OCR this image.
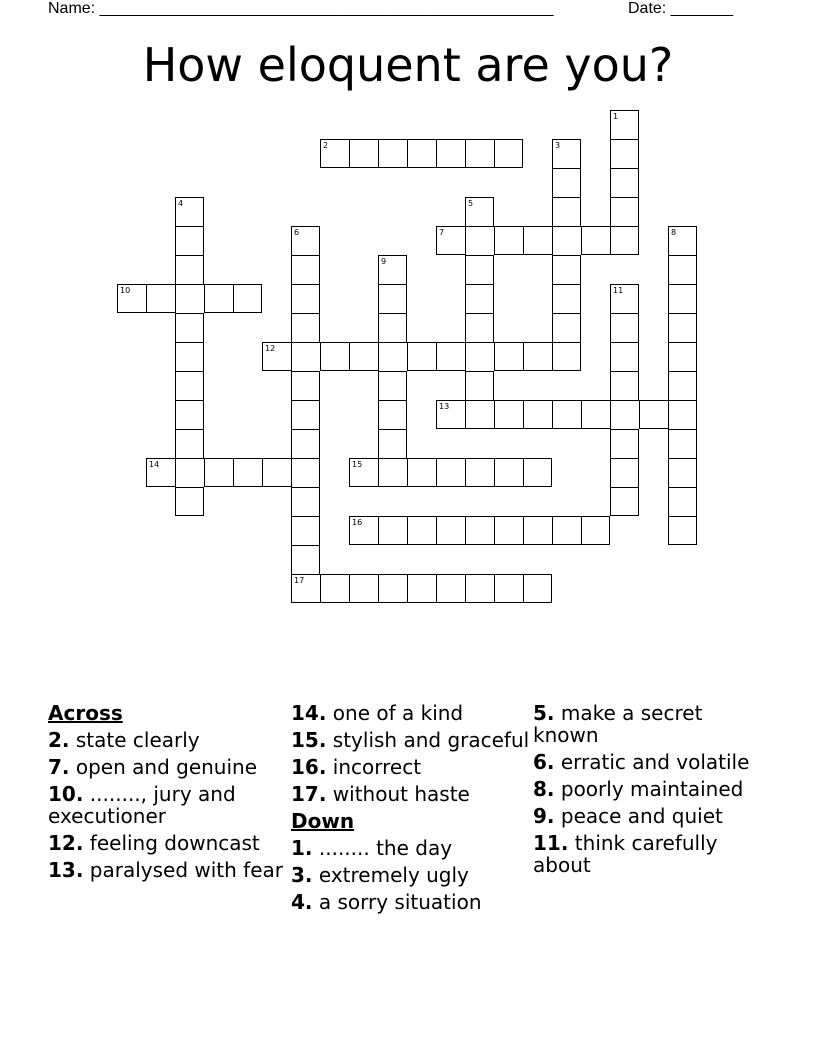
Name: ___________________________________________________	Date: _______
How eloquent are you?
1
2	3
4	5
6
17
7	8
9
10	11
12
13
14	15
16
Across
2. state clearly
7. open and genuine
10. ........, jury and executioner
12. feeling downcast
13. paralysed with fear
14. one of a kind
15. stylish and graceful
16. incorrect
17. without haste
Down
1. ........ the day
3. extremely ugly
4. a sorry situation
5. make a secret known
6. erratic and volatile
8. poorly maintained
9. peace and quiet
11. think carefully about
